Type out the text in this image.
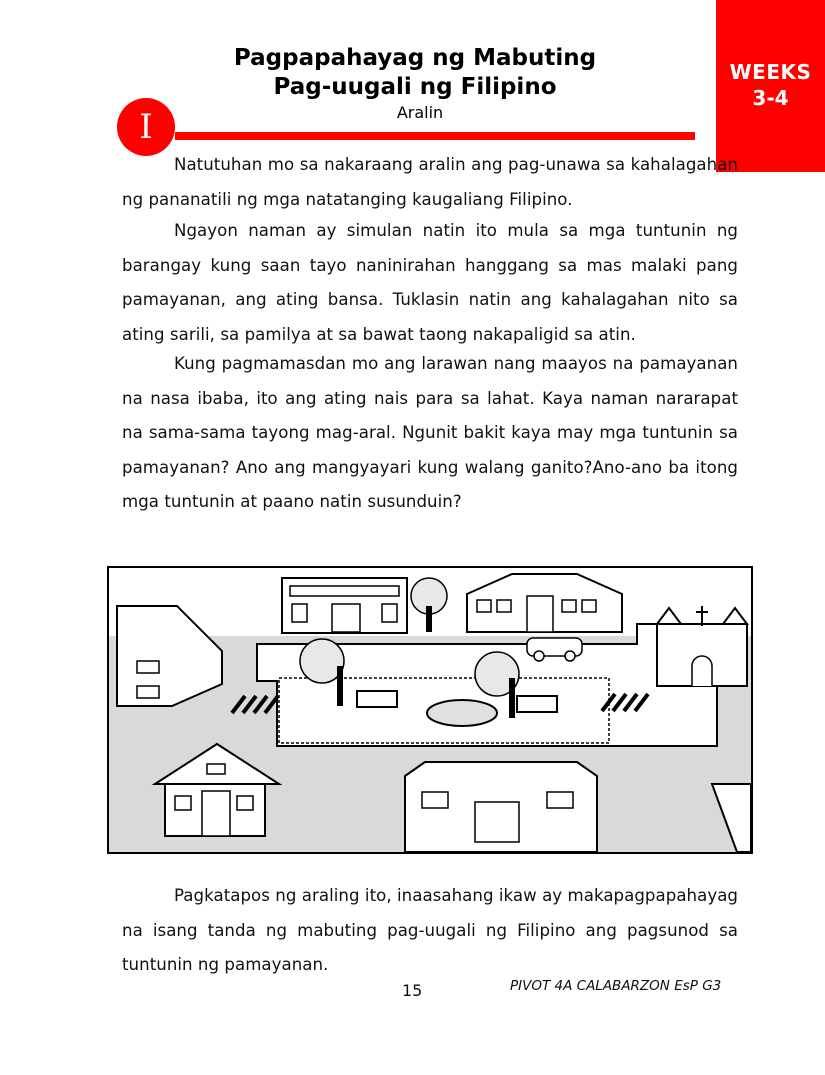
WEEKS
3-4
Pagpapahayag ng Mabuting
Pag-uugali ng Filipino
Aralin
I
Natutuhan mo sa nakaraang aralin ang pag-unawa sa kahalagahan ng pananatili ng mga natatanging kaugaliang Filipino.
Ngayon naman ay simulan natin ito mula sa mga tuntunin ng barangay kung saan tayo naninirahan hanggang sa mas malaki pang pamayanan, ang ating bansa. Tuklasin natin ang kahalagahan nito sa ating sarili, sa pamilya at sa bawat taong nakapaligid sa atin.
Kung pagmamasdan mo ang larawan nang maayos na pamayanan na nasa ibaba, ito ang ating nais para sa lahat. Kaya naman nararapat na sama-sama tayong mag-aral. Ngunit bakit kaya may mga tuntunin sa pamayanan? Ano ang mangyayari kung walang ganito?Ano-ano ba itong mga tuntunin at paano natin susunduin?
Pagkatapos ng araling ito, inaasahang ikaw ay makapagpapahayag na isang tanda ng mabuting pag-uugali ng Filipino ang pagsunod sa tuntunin ng pamayanan.
15	PIVOT 4A CALABARZON EsP G3
